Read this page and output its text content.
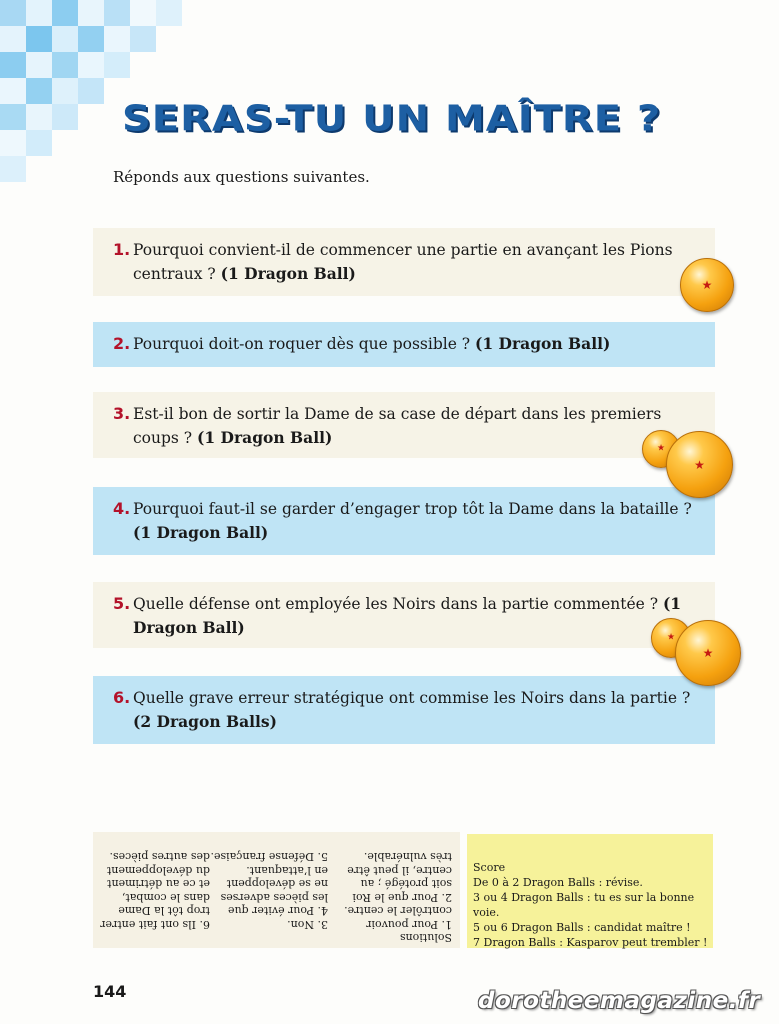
SERAS-TU UN MAÎTRE ?

Réponds aux questions suivantes.

1. Pourquoi convient-il de commencer une partie en avançant les Pions centraux ? (1 Dragon Ball)
2. Pourquoi doit-on roquer dès que possible ? (1 Dragon Ball)
3. Est-il bon de sortir la Dame de sa case de départ dans les premiers coups ? (1 Dragon Ball)
4. Pourquoi faut-il se garder d’engager trop tôt la Dame dans la bataille ? (1 Dragon Ball)
5. Quelle défense ont employée les Noirs dans la partie commentée ? (1 Dragon Ball)
6. Quelle grave erreur stratégique ont commise les Noirs dans la partie ? (2 Dragon Balls)
★
★
★
★
★
Solutions
1. Pour pouvoir
contrôler le centre.
2. Pour que le Roi
soit protégé ; au
centre, il peut être
très vulnérable.
3. Non.
4. Pour éviter que
les pièces adverses
ne se développent
en l’attaquant.
5. Défense française.
6. Ils ont fait entrer
trop tôt la Dame
dans le combat,
et ce au détriment
du développement
des autres pièces.
Score
De 0 à 2 Dragon Balls : révise.
3 ou 4 Dragon Balls : tu es sur la bonne voie.
5 ou 6 Dragon Balls : candidat maître !
7 Dragon Balls : Kasparov peut trembler !
144	dorotheemagazine.fr
